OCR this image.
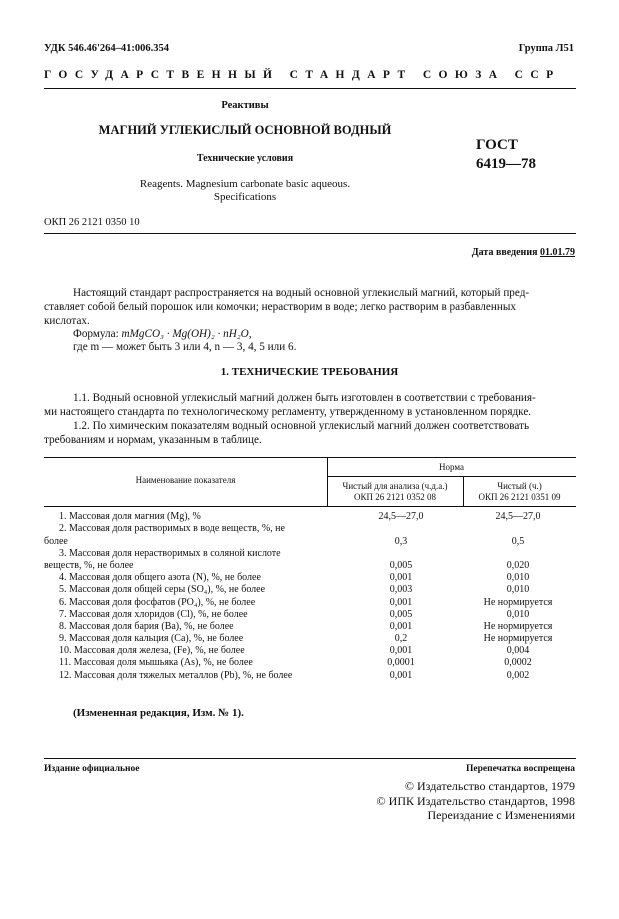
УДК 546.46'264–41:006.354	Группа Л51
ГОСУДАРСТВЕННЫЙ СТАНДАРТ СОЮЗА ССР
Реактивы
МАГНИЙ УГЛЕКИСЛЫЙ ОСНОВНОЙ ВОДНЫЙ
Технические условия
Reagents. Magnesium carbonate basic aqueous.
Specifications
ГОСТ
6419—78
ОКП 26 2121 0350 10
Дата введения 01.01.79
Настоящий стандарт распространяется на водный основной углекислый магний, который пред-
ставляет собой белый порошок или комочки; нерастворим в воде; легко растворим в разбавленных
кислотах.
Формула: mMgCO₃ · Mg(OH)₂ · nH₂O,
где m — может быть 3 или 4, n — 3, 4, 5 или 6.
1. ТЕХНИЧЕСКИЕ ТРЕБОВАНИЯ
1.1. Водный основной углекислый магний должен быть изготовлен в соответствии с требования-
ми настоящего стандарта по технологическому регламенту, утвержденному в установленном порядке.
1.2. По химическим показателям водный основной углекислый магний должен соответствовать
требованиям и нормам, указанным в таблице.
Наименование показателя
Норма
Чистый для анализа (ч.д.а.)
ОКП 26 2121 0352 08
Чистый (ч.)
ОКП 26 2121 0351 09
1. Массовая доля магния (Mg), %	24,5—27,0	24,5—27,0
2. Массовая доля растворимых в воде веществ, %, не		
более	0,3	0,5
3. Массовая доля нерастворимых в соляной кислоте		
веществ, %, не более	0,005	0,020
4. Массовая доля общего азота (N), %, не более	0,001	0,010
5. Массовая доля общей серы (SO₄), %, не более	0,003	0,010
6. Массовая доля фосфатов (PO₄), %, не более	0,001	Не нормируется
7. Массовая доля хлоридов (Cl), %, не более	0,005	0,010
8. Массовая доля бария (Ba), %, не более	0,001	Не нормируется
9. Массовая доля кальция (Ca), %, не более	0,2	Не нормируется
10. Массовая доля железа, (Fe), %, не более	0,001	0,004
11. Массовая доля мышьяка (As), %, не более	0,0001	0,0002
12. Массовая доля тяжелых металлов (Pb), %, не более	0,001	0,002
(Измененная редакция, Изм. № 1).
Издание официальное	Перепечатка воспрещена
© Издательство стандартов, 1979
© ИПК Издательство стандартов, 1998
Переиздание с Изменениями
